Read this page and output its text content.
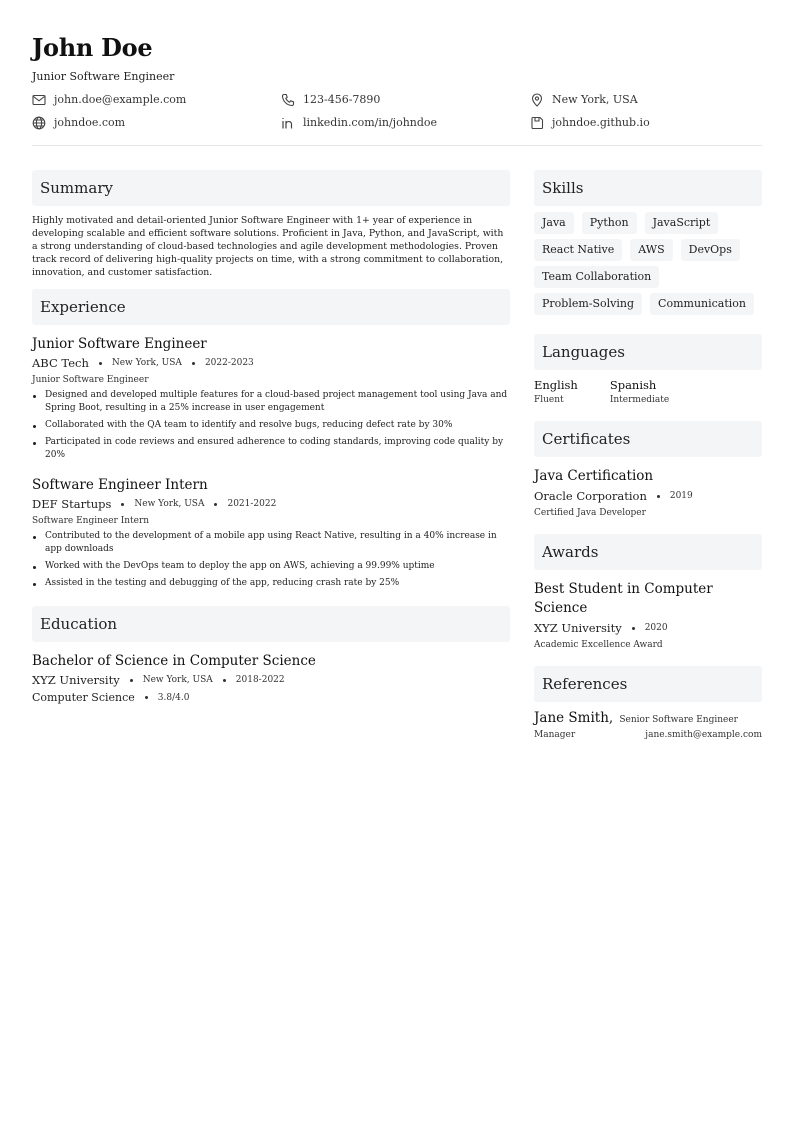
John Doe
Junior Software Engineer
john.doe@example.com	123-456-7890	New York, USA
johndoe.com	linkedin.com/in/johndoe	johndoe.github.io
Summary

Highly motivated and detail-oriented Junior Software Engineer with 1+ year of experience in developing scalable and efficient software solutions. Proficient in Java, Python, and JavaScript, with a strong understanding of cloud-based technologies and agile development methodologies. Proven track record of delivering high-quality projects on time, with a strong commitment to collaboration, innovation, and customer satisfaction.

Experience
Junior Software Engineer
ABC Tech	New York, USA	2022-2023
Junior Software Engineer
Designed and developed multiple features for a cloud-based project management tool using Java and Spring Boot, resulting in a 25% increase in user engagement
Collaborated with the QA team to identify and resolve bugs, reducing defect rate by 30%
Participated in code reviews and ensured adherence to coding standards, improving code quality by 20%
Software Engineer Intern
DEF Startups	New York, USA	2021-2022
Software Engineer Intern
Contributed to the development of a mobile app using React Native, resulting in a 40% increase in app downloads
Worked with the DevOps team to deploy the app on AWS, achieving a 99.99% uptime
Assisted in the testing and debugging of the app, reducing crash rate by 25%
Education
Bachelor of Science in Computer Science
XYZ University	New York, USA	2018-2022
Computer Science	3.8/4.0
Skills
Java	Python	JavaScript
React Native	AWS	DevOps
Team Collaboration
Problem-Solving	Communication
Languages
English
Fluent
Spanish
Intermediate
Certificates
Java Certification
Oracle Corporation	2019
Certified Java Developer
Awards
Best Student in Computer Science
XYZ University	2020
Academic Excellence Award
References
Jane Smith, Senior Software Engineer
Manager	jane.smith@example.com
